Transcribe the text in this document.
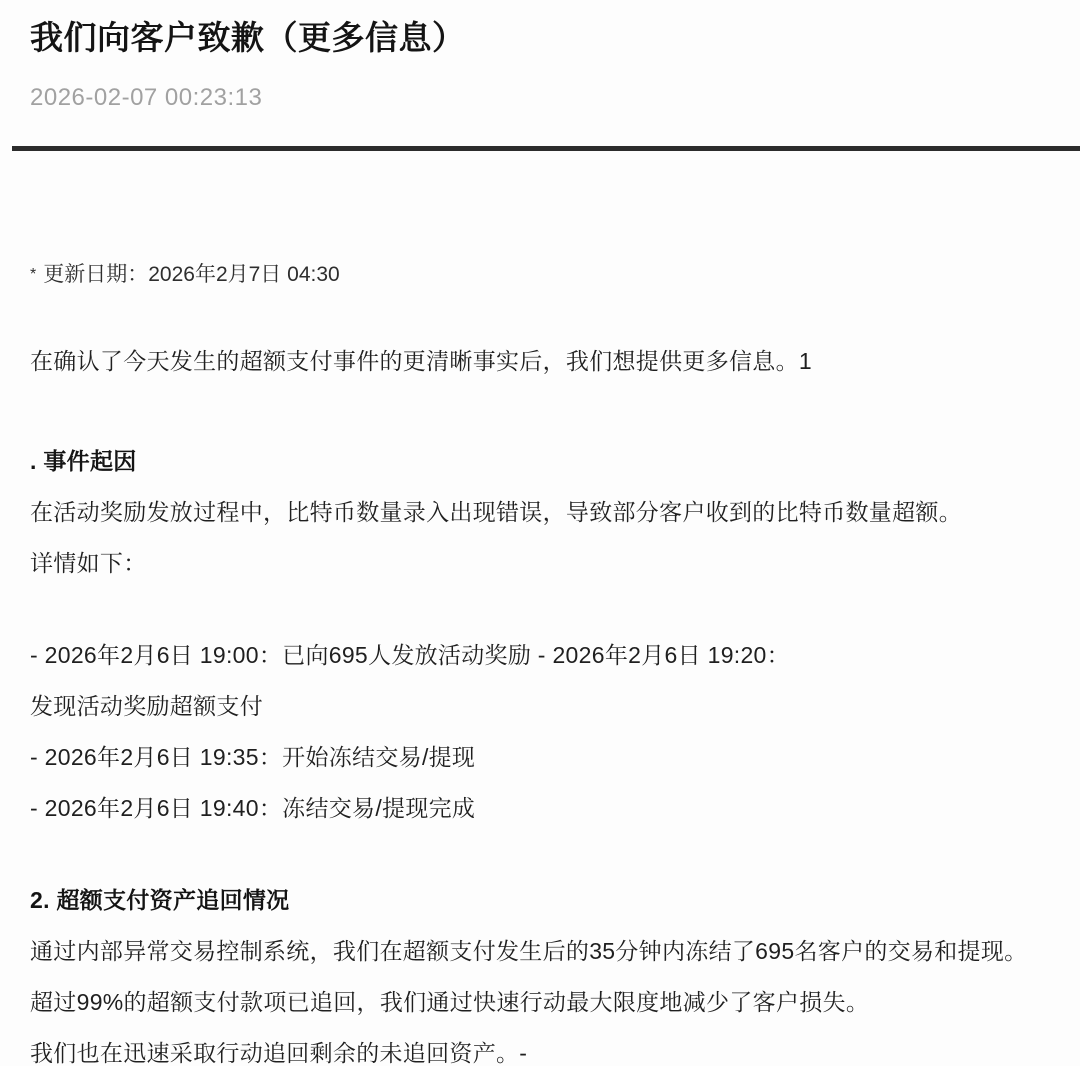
我们向客户致歉（更多信息）
2026-02-07 00:23:13

* 更新日期：2026年2月7日 04:30

在确认了今天发生的超额支付事件的更清晰事实后，我们想提供更多信息。1

. 事件起因

在活动奖励发放过程中，比特币数量录入出现错误，导致部分客户收到的比特币数量超额。

详情如下：

- 2026年2月6日 19:00：已向695人发放活动奖励 - 2026年2月6日 19:20：

发现活动奖励超额支付

- 2026年2月6日 19:35：开始冻结交易/提现

- 2026年2月6日 19:40：冻结交易/提现完成

2. 超额支付资产追回情况

通过内部异常交易控制系统，我们在超额支付发生后的35分钟内冻结了695名客户的交易和提现。

超过99%的超额支付款项已追回，我们通过快速行动最大限度地减少了客户损失。

我们也在迅速采取行动追回剩余的未追回资产。-
